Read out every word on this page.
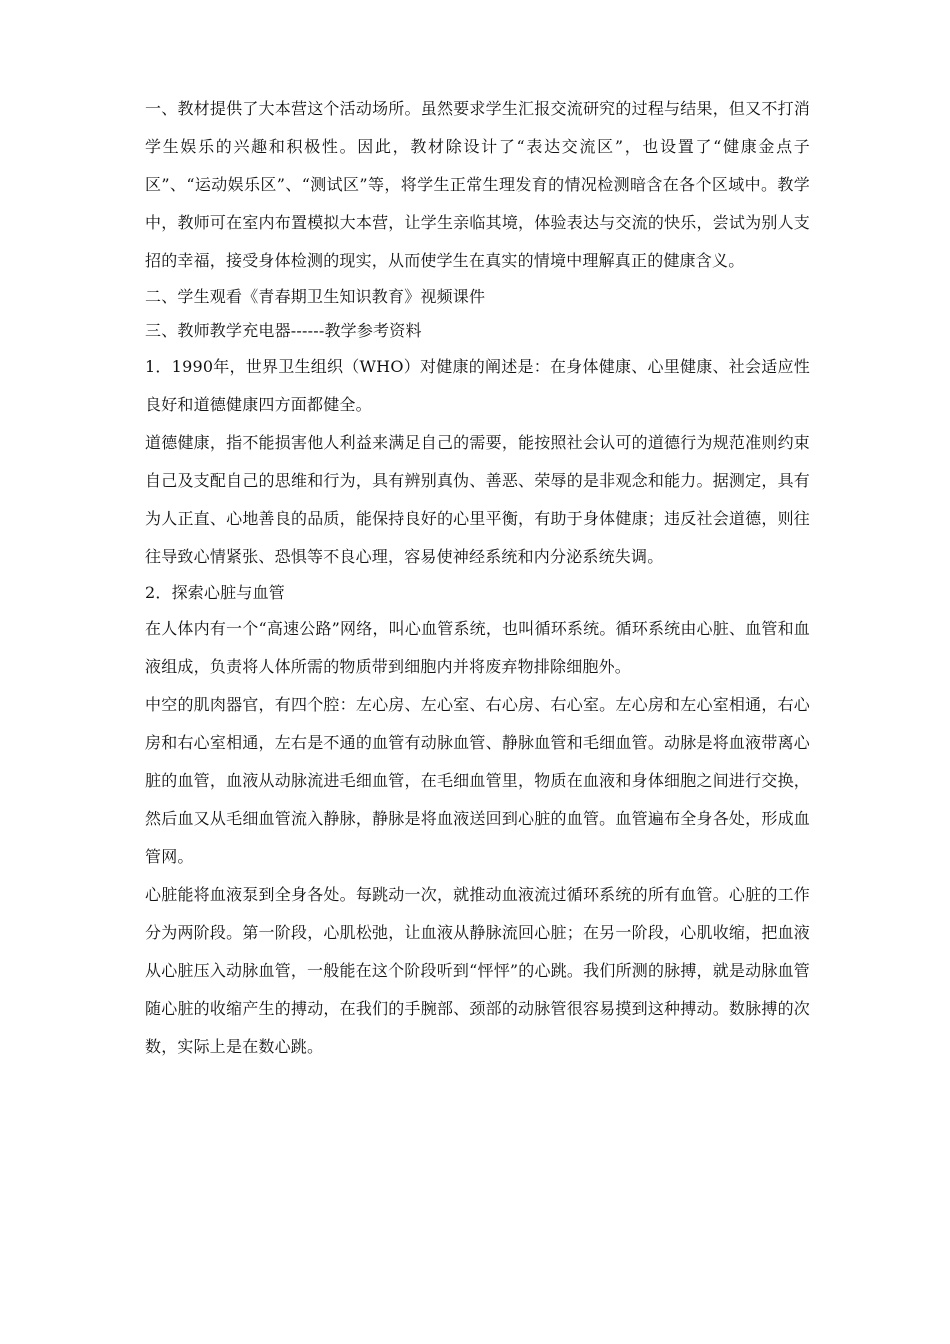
一、教材提供了大本营这个活动场所。虽然要求学生汇报交流研究的过程与结果，但又不打消学生娱乐的兴趣和积极性。因此，教材除设计了“表达交流区”，也设置了“健康金点子区”、“运动娱乐区”、“测试区”等，将学生正常生理发育的情况检测暗含在各个区域中。教学中，教师可在室内布置模拟大本营，让学生亲临其境，体验表达与交流的快乐，尝试为别人支招的幸福，接受身体检测的现实，从而使学生在真实的情境中理解真正的健康含义。

二、学生观看《青春期卫生知识教育》视频课件

三、教师教学充电器------教学参考资料

1．1990年，世界卫生组织（WHO）对健康的阐述是：在身体健康、心里健康、社会适应性良好和道德健康四方面都健全。

道德健康，指不能损害他人利益来满足自己的需要，能按照社会认可的道德行为规范准则约束自己及支配自己的思维和行为，具有辨别真伪、善恶、荣辱的是非观念和能力。据测定，具有为人正直、心地善良的品质，能保持良好的心里平衡，有助于身体健康；违反社会道德，则往往导致心情紧张、恐惧等不良心理，容易使神经系统和内分泌系统失调。

2．探索心脏与血管

在人体内有一个“高速公路”网络，叫心血管系统，也叫循环系统。循环系统由心脏、血管和血液组成，负责将人体所需的物质带到细胞内并将废弃物排除细胞外。

中空的肌肉器官，有四个腔：左心房、左心室、右心房、右心室。左心房和左心室相通，右心房和右心室相通，左右是不通的血管有动脉血管、静脉血管和毛细血管。动脉是将血液带离心脏的血管，血液从动脉流进毛细血管，在毛细血管里，物质在血液和身体细胞之间进行交换，然后血又从毛细血管流入静脉，静脉是将血液送回到心脏的血管。血管遍布全身各处，形成血管网。

心脏能将血液泵到全身各处。每跳动一次，就推动血液流过循环系统的所有血管。心脏的工作分为两阶段。第一阶段，心肌松弛，让血液从静脉流回心脏；在另一阶段，心肌收缩，把血液从心脏压入动脉血管，一般能在这个阶段听到“怦怦”的心跳。我们所测的脉搏，就是动脉血管随心脏的收缩产生的搏动，在我们的手腕部、颈部的动脉管很容易摸到这种搏动。数脉搏的次数，实际上是在数心跳。
